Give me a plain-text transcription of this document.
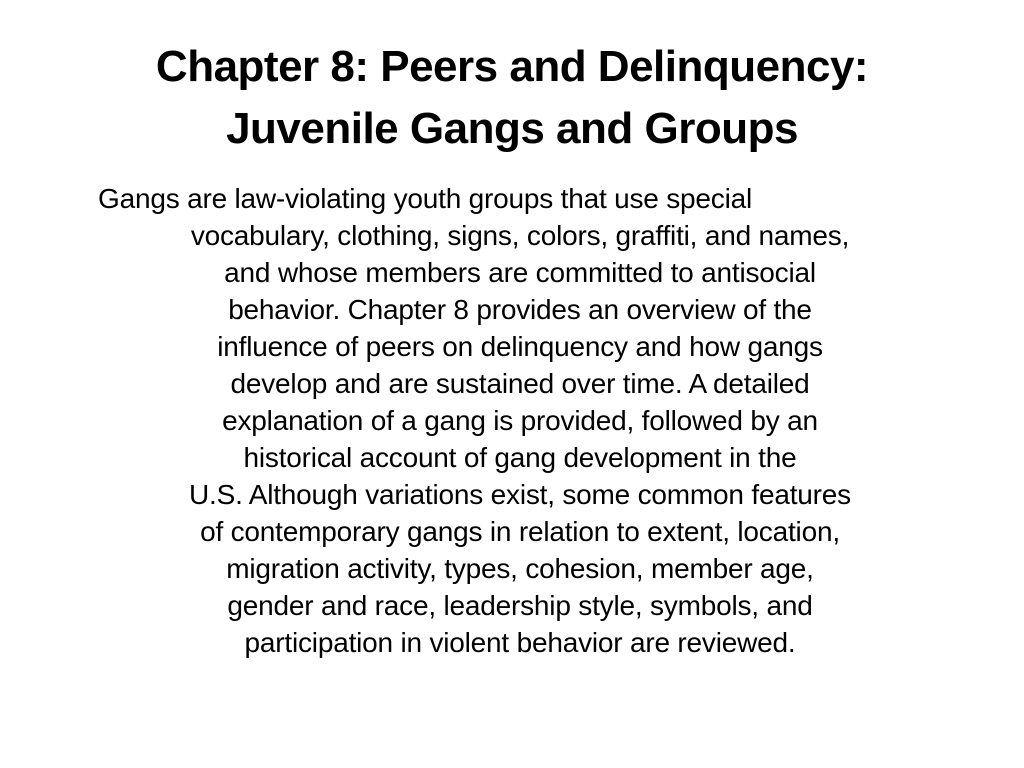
Chapter 8: Peers and Delinquency:
Juvenile Gangs and Groups
Gangs are law-violating youth groups that use special
vocabulary, clothing, signs, colors, graffiti, and names,
and whose members are committed to antisocial
behavior. Chapter 8 provides an overview of the
influence of peers on delinquency and how gangs
develop and are sustained over time. A detailed
explanation of a gang is provided, followed by an
historical account of gang development in the
U.S. Although variations exist, some common features
of contemporary gangs in relation to extent, location,
migration activity, types, cohesion, member age,
gender and race, leadership style, symbols, and
participation in violent behavior are reviewed.
